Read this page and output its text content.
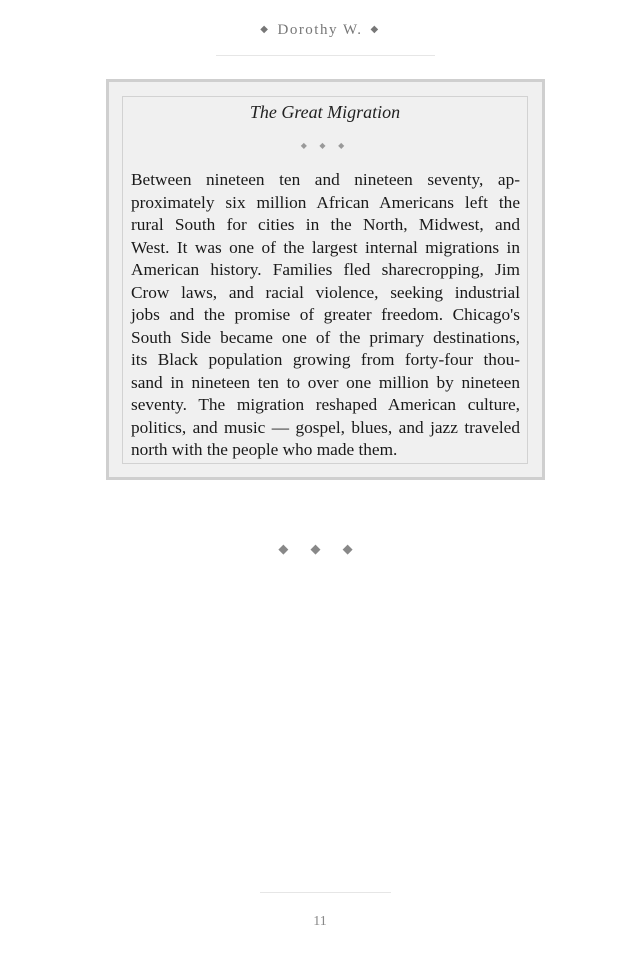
◆ Dorothy W. ◆
The Great Migration
◆ ◆ ◆
Between nineteen ten and nineteen seventy, ap-
proximately six million African Americans left the
rural South for cities in the North, Midwest, and
West. It was one of the largest internal migrations in
American history. Families fled sharecropping, Jim
Crow laws, and racial violence, seeking industrial
jobs and the promise of greater freedom. Chicago's
South Side became one of the primary destinations,
its Black population growing from forty-four thou-
sand in nineteen ten to over one million by nineteen
seventy. The migration reshaped American culture,
politics, and music — gospel, blues, and jazz traveled
north with the people who made them.
◆ ◆ ◆
11
